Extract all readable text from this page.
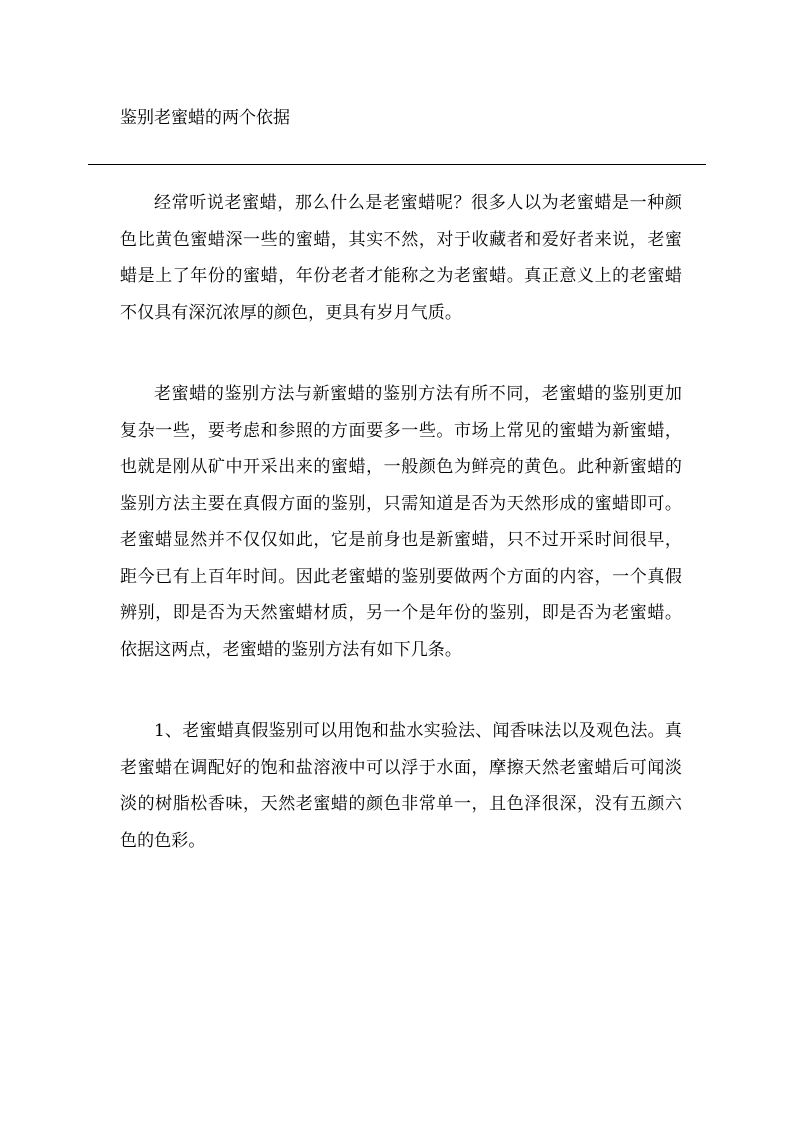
鉴别老蜜蜡的两个依据

经常听说老蜜蜡，那么什么是老蜜蜡呢？很多人以为老蜜蜡是一种颜色比黄色蜜蜡深一些的蜜蜡，其实不然，对于收藏者和爱好者来说，老蜜蜡是上了年份的蜜蜡，年份老者才能称之为老蜜蜡。真正意义上的老蜜蜡不仅具有深沉浓厚的颜色，更具有岁月气质。

老蜜蜡的鉴别方法与新蜜蜡的鉴别方法有所不同，老蜜蜡的鉴别更加复杂一些，要考虑和参照的方面要多一些。市场上常见的蜜蜡为新蜜蜡，也就是刚从矿中开采出来的蜜蜡，一般颜色为鲜亮的黄色。此种新蜜蜡的鉴别方法主要在真假方面的鉴别，只需知道是否为天然形成的蜜蜡即可。老蜜蜡显然并不仅仅如此，它是前身也是新蜜蜡，只不过开采时间很早，距今已有上百年时间。因此老蜜蜡的鉴别要做两个方面的内容，一个真假辨别，即是否为天然蜜蜡材质，另一个是年份的鉴别，即是否为老蜜蜡。依据这两点，老蜜蜡的鉴别方法有如下几条。

1、老蜜蜡真假鉴别可以用饱和盐水实验法、闻香味法以及观色法。真老蜜蜡在调配好的饱和盐溶液中可以浮于水面，摩擦天然老蜜蜡后可闻淡淡的树脂松香味，天然老蜜蜡的颜色非常单一，且色泽很深，没有五颜六色的色彩。
